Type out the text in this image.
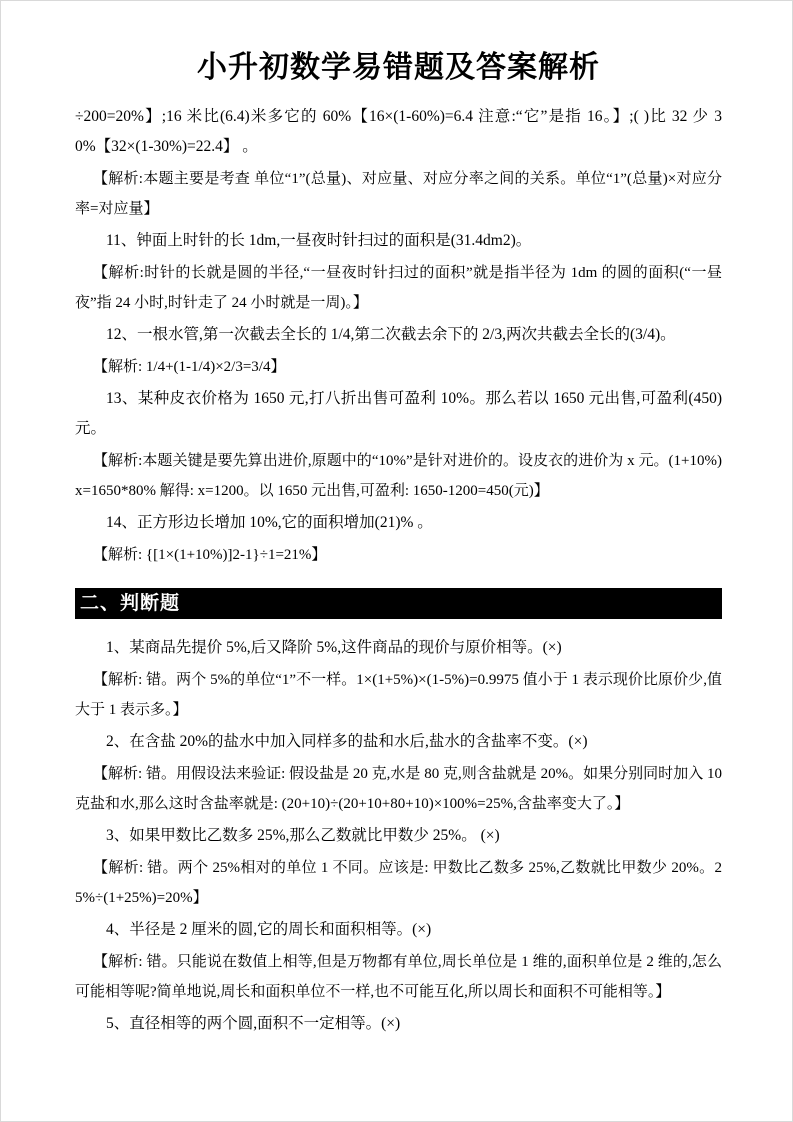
小升初数学易错题及答案解析

÷200=20%】;16 米比(6.4)米多它的 60%【16×(1-60%)=6.4 注意:“它”是指 16。】;( )比 32 少 30%【32×(1-30%)=22.4】 。

【解析:本题主要是考查 单位“1”(总量)、对应量、对应分率之间的关系。单位“1”(总量)×对应分率=对应量】

11、钟面上时针的长 1dm,一昼夜时针扫过的面积是(31.4dm2)。

【解析:时针的长就是圆的半径,“一昼夜时针扫过的面积”就是指半径为 1dm 的圆的面积(“一昼夜”指 24 小时,时针走了 24 小时就是一周)。】

12、一根水管,第一次截去全长的 1/4,第二次截去余下的 2/3,两次共截去全长的(3/4)。

【解析: 1/4+(1-1/4)×2/3=3/4】

13、某种皮衣价格为 1650 元,打八折出售可盈利 10%。那么若以 1650 元出售,可盈利(450)元。

【解析:本题关键是要先算出进价,原题中的“10%”是针对进价的。设皮衣的进价为 x 元。(1+10%)x=1650*80% 解得: x=1200。以 1650 元出售,可盈利: 1650-1200=450(元)】

14、正方形边长增加 10%,它的面积增加(21)% 。

【解析: {[1×(1+10%)]2-1}÷1=21%】

二、判断题

1、某商品先提价 5%,后又降阶 5%,这件商品的现价与原价相等。(×)

【解析: 错。两个 5%的单位“1”不一样。1×(1+5%)×(1-5%)=0.9975 值小于 1 表示现价比原价少,值大于 1 表示多。】

2、在含盐 20%的盐水中加入同样多的盐和水后,盐水的含盐率不变。(×)

【解析: 错。用假设法来验证: 假设盐是 20 克,水是 80 克,则含盐就是 20%。如果分别同时加入 10 克盐和水,那么这时含盐率就是: (20+10)÷(20+10+80+10)×100%=25%,含盐率变大了。】

3、如果甲数比乙数多 25%,那么乙数就比甲数少 25%。 (×)

【解析: 错。两个 25%相对的单位 1 不同。应该是: 甲数比乙数多 25%,乙数就比甲数少 20%。25%÷(1+25%)=20%】

4、半径是 2 厘米的圆,它的周长和面积相等。(×)

【解析: 错。只能说在数值上相等,但是万物都有单位,周长单位是 1 维的,面积单位是 2 维的,怎么可能相等呢?简单地说,周长和面积单位不一样,也不可能互化,所以周长和面积不可能相等。】

5、直径相等的两个圆,面积不一定相等。(×)
